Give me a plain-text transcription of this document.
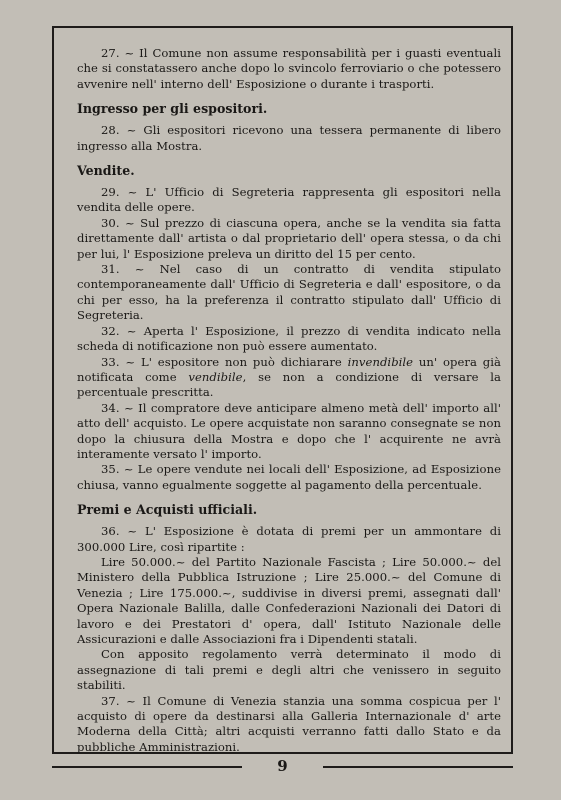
27. ~ Il Comune non assume responsabilità per i guasti eventuali che si constatassero anche dopo lo svincolo ferroviario o che potessero avvenire nell' interno dell' Esposizione o durante i trasporti.

Ingresso per gli espositori.

28. ~ Gli espositori ricevono una tessera permanente di libero ingresso alla Mostra.

Vendite.

29. ~ L' Ufficio di Segreteria rappresenta gli espositori nella vendita delle opere.

30. ~ Sul prezzo di ciascuna opera, anche se la vendita sia fatta direttamente dall' artista o dal proprietario dell' opera stessa, o da chi per lui, l' Esposizione preleva un diritto del 15 per cento.

31. ~ Nel caso di un contratto di vendita stipulato contemporaneamente dall' Ufficio di Segreteria e dall' espositore, o da chi per esso, ha la preferenza il contratto stipulato dall' Ufficio di Segreteria.

32. ~ Aperta l' Esposizione, il prezzo di vendita indicato nella scheda di notificazione non può essere aumentato.

33. ~ L' espositore non può dichiarare invendibile un' opera già notificata come vendibile, se non a condizione di versare la percentuale prescritta.

34. ~ Il compratore deve anticipare almeno metà dell' importo all' atto dell' acquisto. Le opere acquistate non saranno consegnate se non dopo la chiusura della Mostra e dopo che l' acquirente ne avrà interamente versato l' importo.

35. ~ Le opere vendute nei locali dell' Esposizione, ad Esposizione chiusa, vanno egualmente soggette al pagamento della percentuale.

Premi e Acquisti ufficiali.

36. ~ L' Esposizione è dotata di premi per un ammontare di 300.000 Lire, così ripartite :

Lire 50.000.~ del Partito Nazionale Fascista ; Lire 50.000.~ del Ministero della Pubblica Istruzione ; Lire 25.000.~ del Comune di Venezia ; Lire 175.000.~, suddivise in diversi premi, assegnati dall' Opera Nazionale Balilla, dalle Confederazioni Nazionali dei Datori di lavoro e dei Prestatori d' opera, dall' Istituto Nazionale delle Assicurazioni e dalle Associazioni fra i Dipendenti statali.

Con apposito regolamento verrà determinato il modo di assegnazione di tali premi e degli altri che venissero in seguito stabiliti.

37. ~ Il Comune di Venezia stanzia una somma cospicua per l' acquisto di opere da destinarsi alla Galleria Internazionale d' arte Moderna della Città; altri acquisti verranno fatti dallo Stato e da pubbliche Amministrazioni.

9
